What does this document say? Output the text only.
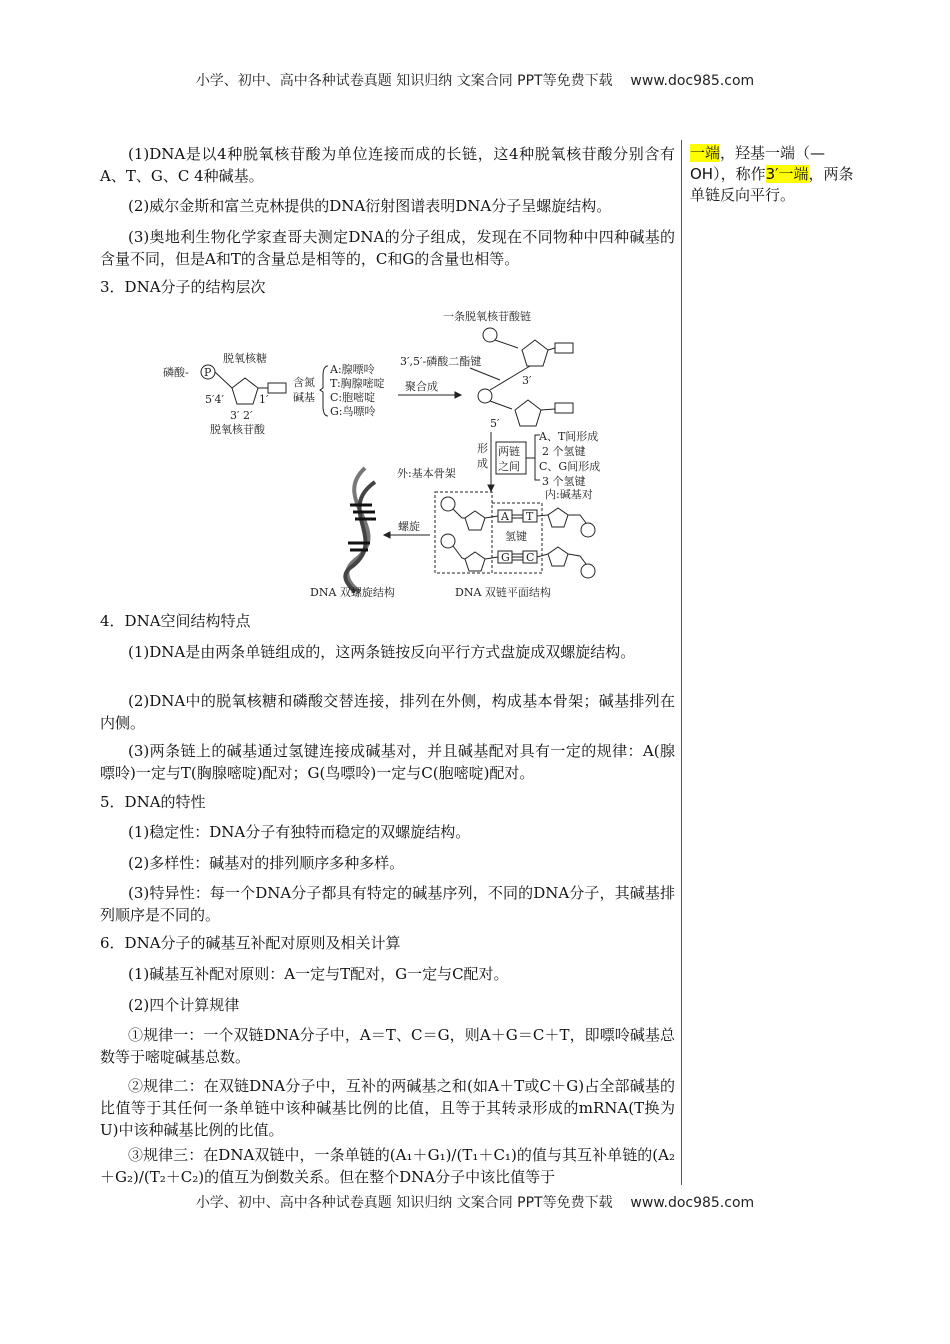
小学、初中、高中各种试卷真题 知识归纳 文案合同 PPT等免费下载 www.doc985.com
(1)DNA是以4种脱氧核苷酸为单位连接而成的长链，这4种脱氧核苷酸分别含有A、T、G、C 4种碱基。
(2)威尔金斯和富兰克林提供的DNA衍射图谱表明DNA分子呈螺旋结构。
(3)奥地利生物化学家查哥夫测定DNA的分子组成，发现在不同物种中四种碱基的含量不同，但是A和T的含量总是相等的，C和G的含量也相等。
3．DNA分子的结构层次
一条脱氧核苷酸链
脱氧核糖
磷酸- P
5′4′	1′
3′ 2′
脱氧核苷酸
含氮
碱基
A:腺嘌呤
T:胸腺嘧啶
C:胞嘧啶
G:鸟嘌呤
3′,5′-磷酸二酯键
聚合成	3′
5′
形
成
两链
之间
A、T间形成
2 个氢键
C、G间形成
3 个氢键
外:基本骨架
内:碱基对
A T
G C
氢键
螺旋
DNA 双螺旋结构	DNA 双链平面结构
4．DNA空间结构特点
(1)DNA是由两条单链组成的，这两条链按反向平行方式盘旋成双螺旋结构。
(2)DNA中的脱氧核糖和磷酸交替连接，排列在外侧，构成基本骨架；碱基排列在内侧。
(3)两条链上的碱基通过氢键连接成碱基对，并且碱基配对具有一定的规律：A(腺嘌呤)一定与T(胸腺嘧啶)配对；G(鸟嘌呤)一定与C(胞嘧啶)配对。
5．DNA的特性
(1)稳定性：DNA分子有独特而稳定的双螺旋结构。
(2)多样性：碱基对的排列顺序多种多样。
(3)特异性：每一个DNA分子都具有特定的碱基序列，不同的DNA分子，其碱基排列顺序是不同的。
6．DNA分子的碱基互补配对原则及相关计算
(1)碱基互补配对原则：A一定与T配对，G一定与C配对。
(2)四个计算规律
①规律一：一个双链DNA分子中，A＝T、C＝G，则A＋G＝C＋T，即嘌呤碱基总数等于嘧啶碱基总数。
②规律二：在双链DNA分子中，互补的两碱基之和(如A＋T或C＋G)占全部碱基的比值等于其任何一条单链中该种碱基比例的比值，且等于其转录形成的mRNA(T换为U)中该种碱基比例的比值。
③规律三：在DNA双链中，一条单链的(A₁＋G₁)/(T₁＋C₁)的值与其互补单链的(A₂＋G₂)/(T₂＋C₂)的值互为倒数关系。但在整个DNA分子中该比值等于
一端，羟基一端（—OH），称作3′一端，两条单链反向平行。
小学、初中、高中各种试卷真题 知识归纳 文案合同 PPT等免费下载 www.doc985.com
